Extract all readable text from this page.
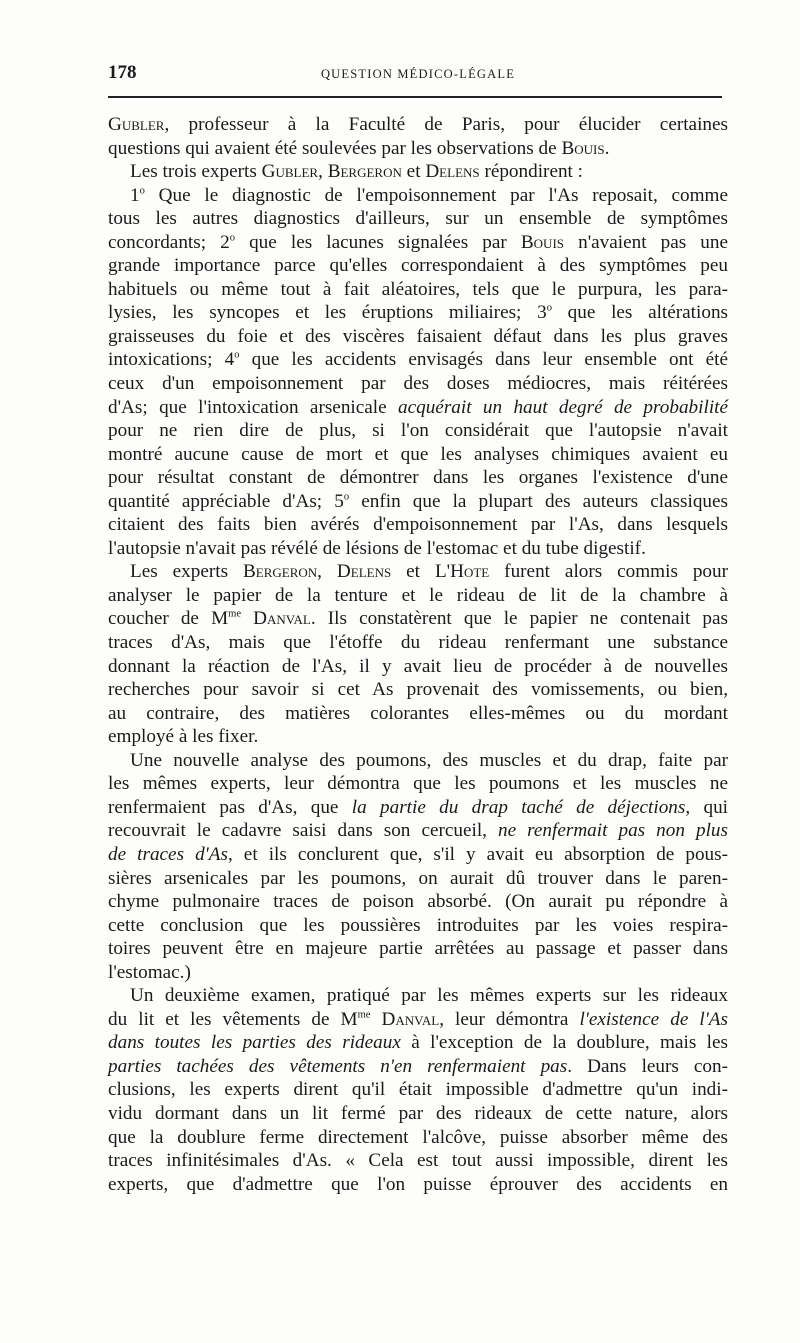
178	QUESTION MÉDICO-LÉGALE
Gubler, professeur à la Faculté de Paris, pour élucider certaines
questions qui avaient été soulevées par les observations de Bouis.
Les trois experts Gubler, Bergeron et Delens répondirent :
1$^o$ Que le diagnostic de l'empoisonnement par l'As reposait, comme
tous les autres diagnostics d'ailleurs, sur un ensemble de symptômes
concordants; 2$^o$ que les lacunes signalées par Bouis n'avaient pas une
grande importance parce qu'elles correspondaient à des symptômes peu
habituels ou même tout à fait aléatoires, tels que le purpura, les para-
lysies, les syncopes et les éruptions miliaires; 3$^o$ que les altérations
graisseuses du foie et des viscères faisaient défaut dans les plus graves
intoxications; 4$^o$ que les accidents envisagés dans leur ensemble ont été
ceux d'un empoisonnement par des doses médiocres, mais réitérées
d'As; que l'intoxication arsenicale acquérait un haut degré de probabilité
pour ne rien dire de plus, si l'on considérait que l'autopsie n'avait
montré aucune cause de mort et que les analyses chimiques avaient eu
pour résultat constant de démontrer dans les organes l'existence d'une
quantité appréciable d'As; 5$^o$ enfin que la plupart des auteurs classiques
citaient des faits bien avérés d'empoisonnement par l'As, dans lesquels
l'autopsie n'avait pas révélé de lésions de l'estomac et du tube digestif.
Les experts Bergeron, Delens et L'Hote furent alors commis pour
analyser le papier de la tenture et le rideau de lit de la chambre à
coucher de $M^{me}$ Danval. Ils constatèrent que le papier ne contenait pas
traces d'As, mais que l'étoffe du rideau renfermant une substance
donnant la réaction de l'As, il y avait lieu de procéder à de nouvelles
recherches pour savoir si cet As provenait des vomissements, ou bien,
au contraire, des matières colorantes elles-mêmes ou du mordant
employé à les fixer.
Une nouvelle analyse des poumons, des muscles et du drap, faite par
les mêmes experts, leur démontra que les poumons et les muscles ne
renfermaient pas d'As, que la partie du drap taché de déjections, qui
recouvrait le cadavre saisi dans son cercueil, ne renfermait pas non plus
de traces d'As, et ils conclurent que, s'il y avait eu absorption de pous-
sières arsenicales par les poumons, on aurait dû trouver dans le paren-
chyme pulmonaire traces de poison absorbé. (On aurait pu répondre à
cette conclusion que les poussières introduites par les voies respira-
toires peuvent être en majeure partie arrêtées au passage et passer dans
l'estomac.)
Un deuxième examen, pratiqué par les mêmes experts sur les rideaux
du lit et les vêtements de $M^{me}$ Danval, leur démontra l'existence de l'As
dans toutes les parties des rideaux à l'exception de la doublure, mais les
parties tachées des vêtements n'en renfermaient pas. Dans leurs con-
clusions, les experts dirent qu'il était impossible d'admettre qu'un indi-
vidu dormant dans un lit fermé par des rideaux de cette nature, alors
que la doublure ferme directement l'alcôve, puisse absorber même des
traces infinitésimales d'As. « Cela est tout aussi impossible, dirent les
experts, que d'admettre que l'on puisse éprouver des accidents en
